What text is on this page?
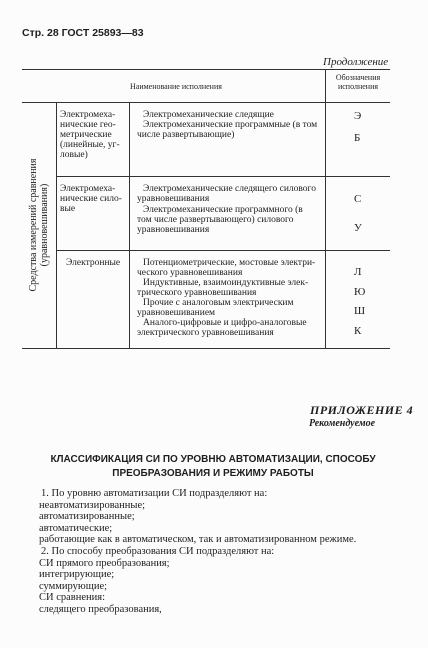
Стр. 28 ГОСТ 25893—83
Продолжение
Наименование исполнения
Обозначения
исполнения
Средства измерений сравнения (уравновешивания)
Электромеха-
нические гео-
метрические
(линейные, уг-
ловые)
Электромеханические следящие
Электромеханические программные (в том
числе развертывающие)
Э
Б
Электромеха-
нические сило-
вые
Электромеханические следящего силового
уравновешивания
Электромеханические программного (в
том числе развертывающего) силового
уравновешивания
С
У
Электронные	Потенциометрические, мостовые электри-
ческого уравновешивания
Индуктивные, взаимоиндуктивные элек-
трического уравновешивания
Прочие с аналоговым электрическим
уравновешиванием
Аналого-цифровые и цифро-аналоговые
электрического уравновешивания
Л
Ю
Ш
К
ПРИЛОЖЕНИЕ 4
Рекомендуемое
КЛАССИФИКАЦИЯ СИ ПО УРОВНЮ АВТОМАТИЗАЦИИ, СПОСОБУ
ПРЕОБРАЗОВАНИЯ И РЕЖИМУ РАБОТЫ
1. По уровню автоматизации СИ подразделяют на:
неавтоматизированные;
автоматизированные;
автоматические;
работающие как в автоматическом, так и автоматизированном режиме.
2. По способу преобразования СИ подразделяют на:
СИ прямого преобразования;
интегрирующие;
суммирующие;
СИ сравнения:
следящего преобразования,
